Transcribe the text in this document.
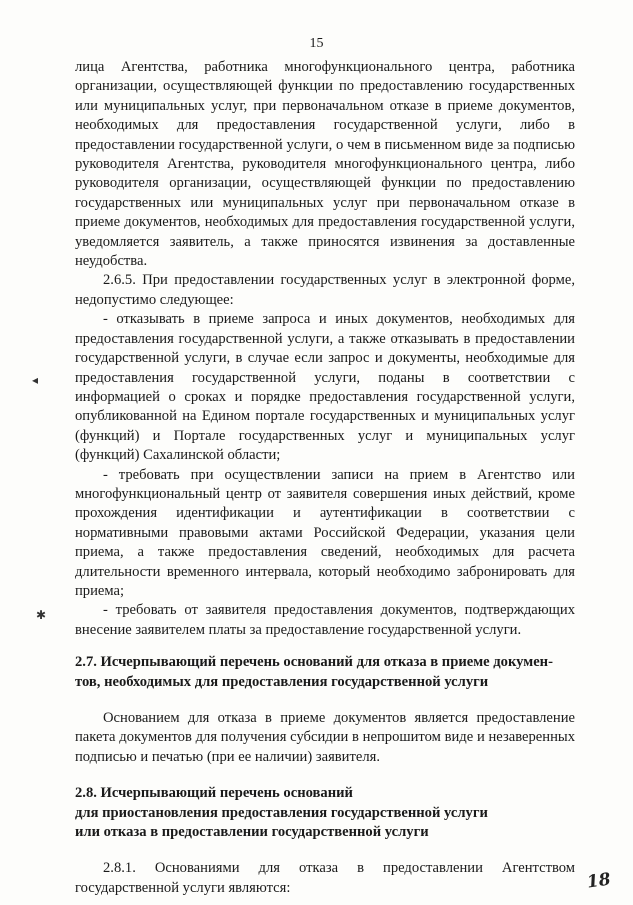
15
◂
✱

лица Агентства, работника многофункционального центра, работника организации, осуществляющей функции по предоставлению государственных или муниципальных услуг, при первоначальном отказе в приеме документов, необходимых для предоставления государственной услуги, либо в предоставлении государственной услуги, о чем в письменном виде за подписью руководителя Агентства, руководителя многофункционального центра, либо руководителя организации, осуществляющей функции по предоставлению государственных или муниципальных услуг при первоначальном отказе в приеме документов, необходимых для предоставления государственной услуги, уведомляется заявитель, а также приносятся извинения за доставленные неудобства.

2.6.5. При предоставлении государственных услуг в электронной форме, недопустимо следующее:

- отказывать в приеме запроса и иных документов, необходимых для предоставления государственной услуги, а также отказывать в предоставлении государственной услуги, в случае если запрос и документы, необходимые для предоставления государственной услуги, поданы в соответствии с информацией о сроках и порядке предоставления государственной услуги, опубликованной на Едином портале государственных и муниципальных услуг (функций) и Портале государственных услуг и муниципальных услуг (функций) Сахалинской области;

- требовать при осуществлении записи на прием в Агентство или многофункциональный центр от заявителя совершения иных действий, кроме прохождения идентификации и аутентификации в соответствии с нормативными правовыми актами Российской Федерации, указания цели приема, а также предоставления сведений, необходимых для расчета длительности временного интервала, который необходимо забронировать для приема;

- требовать от заявителя предоставления документов, подтверждающих внесение заявителем платы за предоставление государственной услуги.

2.7. Исчерпывающий перечень оснований для отказа в приеме докумен-

тов, необходимых для предоставления государственной услуги

Основанием для отказа в приеме документов является предоставление пакета документов для получения субсидии в непрошитом виде и незаверенных подписью и печатью (при ее наличии) заявителя.

2.8. Исчерпывающий перечень оснований

для приостановления предоставления государственной услуги

или отказа в предоставлении государственной услуги

2.8.1. Основаниями для отказа в предоставлении Агентством государственной услуги являются:	18
